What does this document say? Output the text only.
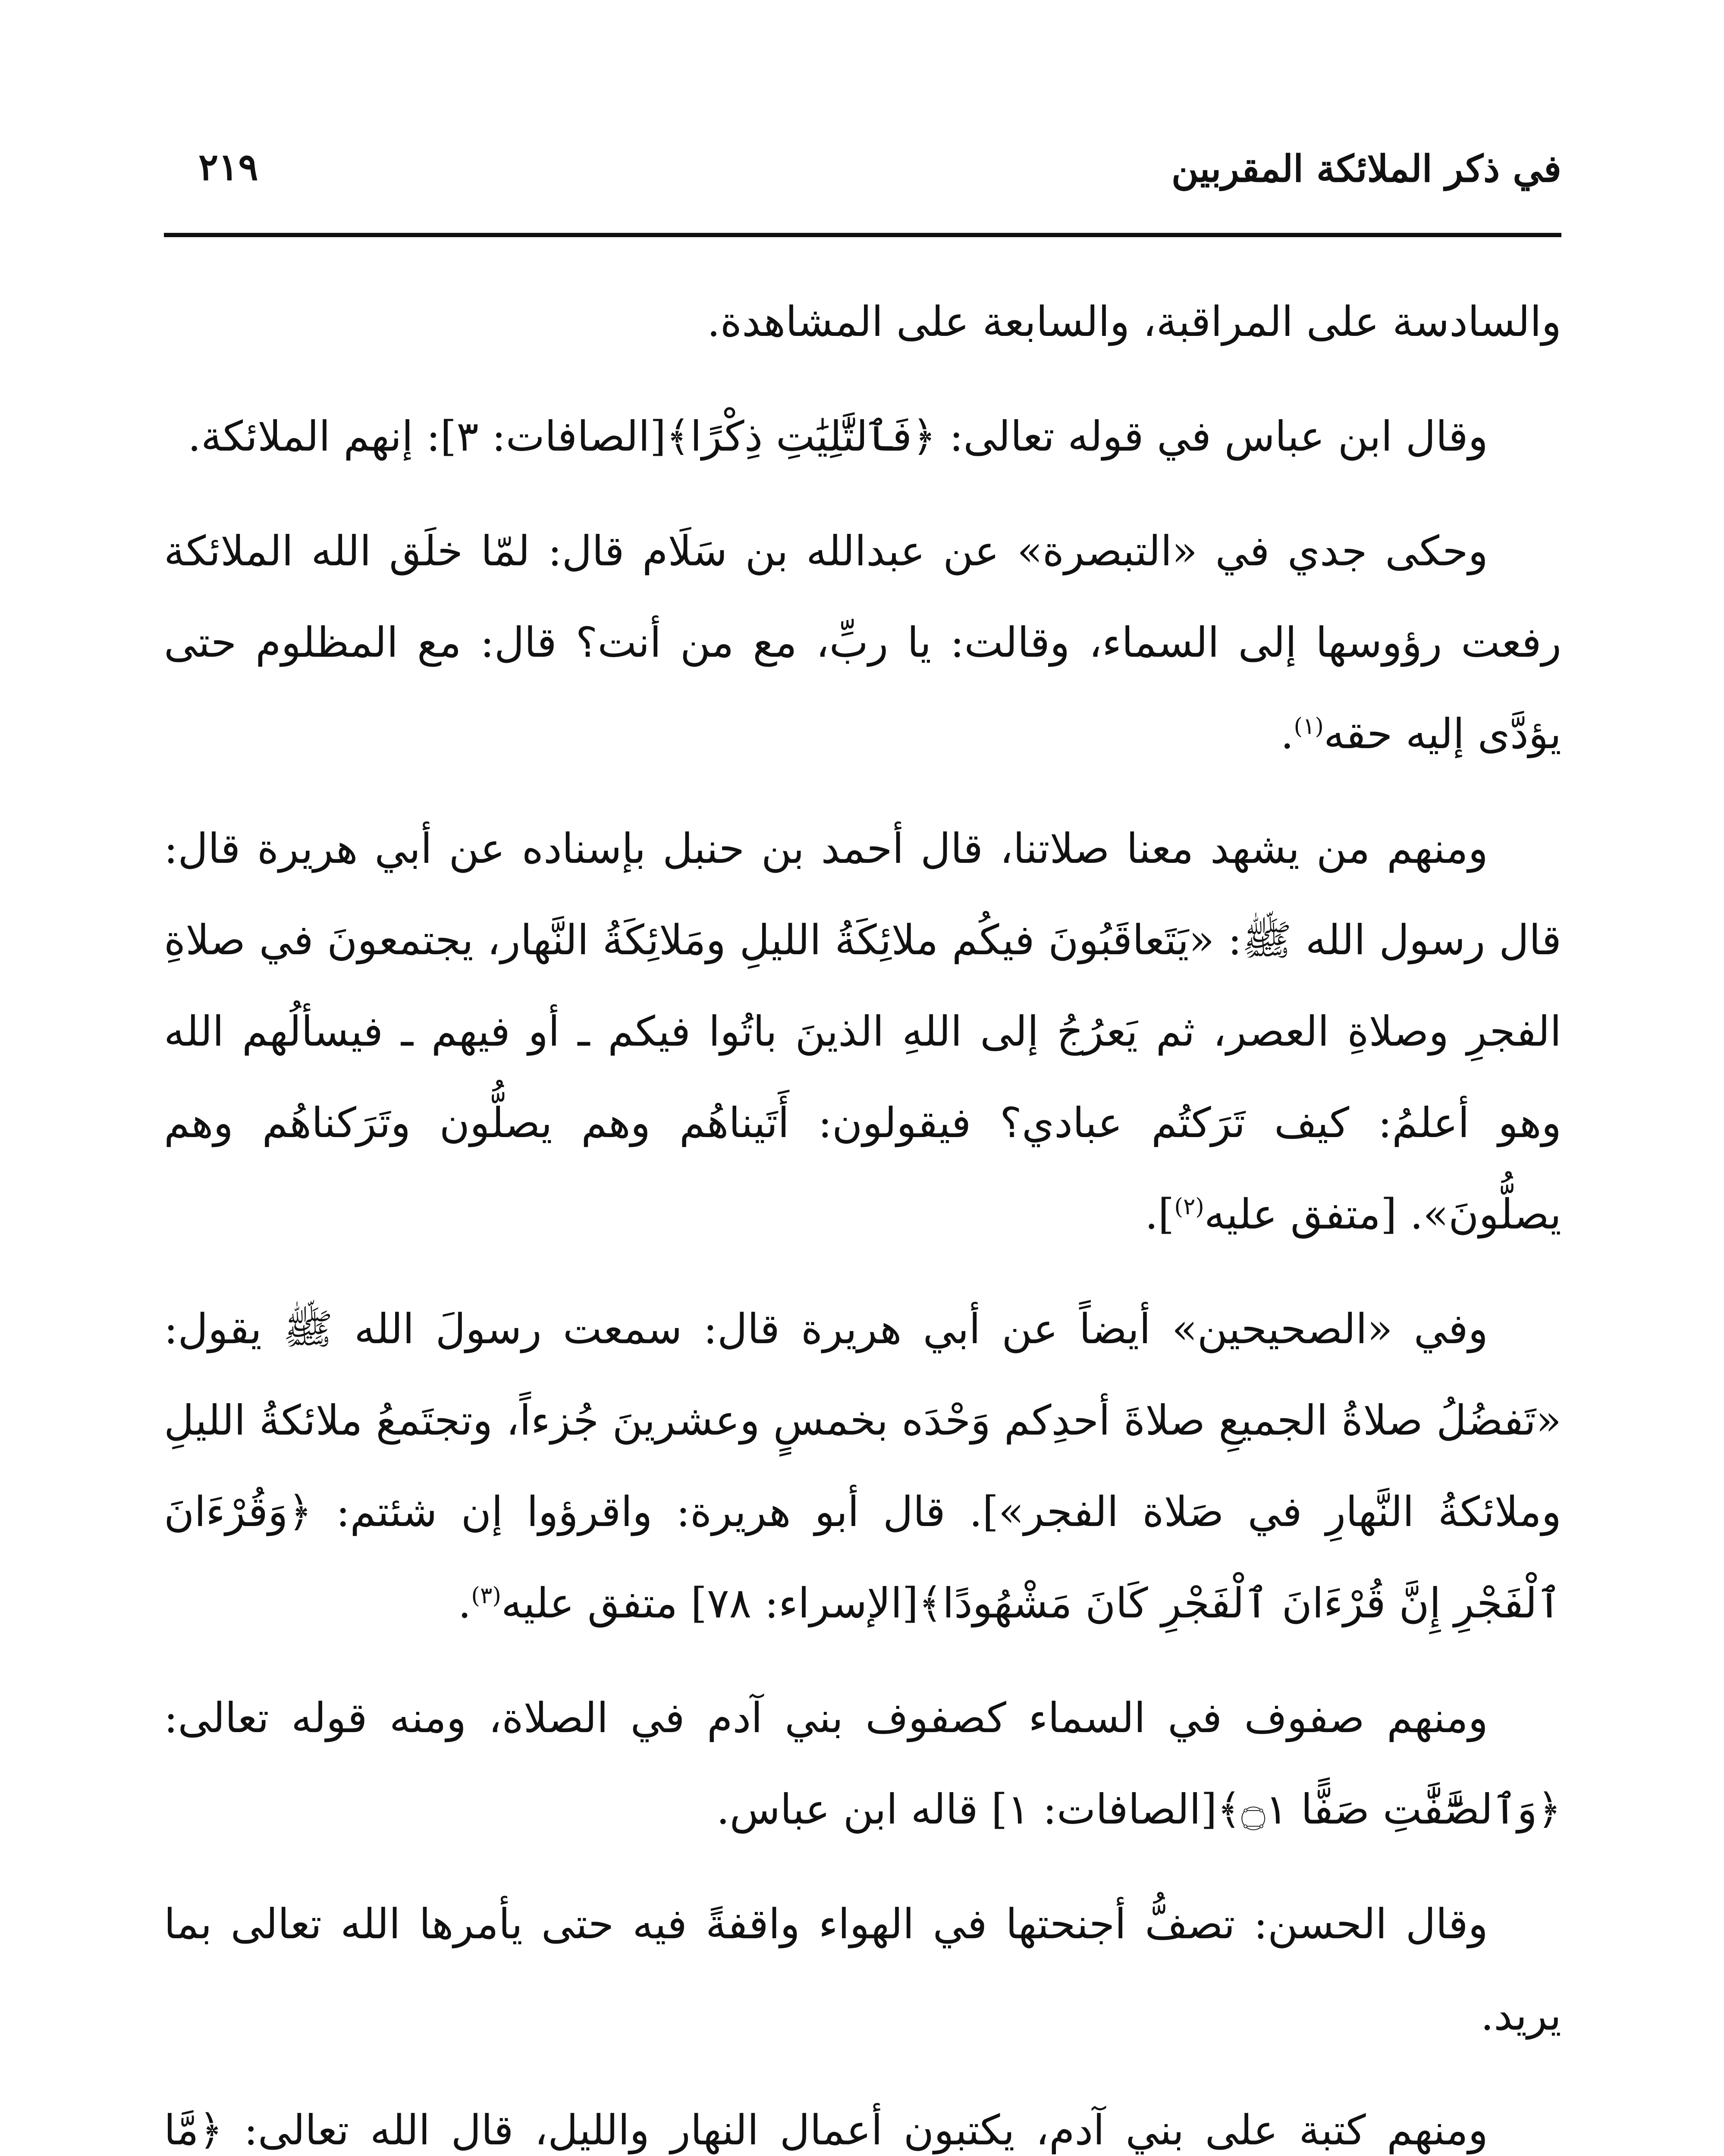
في ذكر الملائكة المقربين
٢١٩

والسادسة على المراقبة، والسابعة على المشاهدة.

وقال ابن عباس في قوله تعالى: ﴿فَٱلتَّٰلِيَٰتِ ذِكْرًا﴾[الصافات: ٣]: إنهم الملائكة.

وحكى جدي في «التبصرة» عن عبدالله بن سَلَام قال: لمّا خلَق الله الملائكة رفعت رؤوسها إلى السماء، وقالت: يا ربِّ، مع من أنت؟ قال: مع المظلوم حتى يؤدَّى إليه حقه$^{(١)}$.

ومنهم من يشهد معنا صلاتنا، قال أحمد بن حنبل بإسناده عن أبي هريرة قال: قال رسول الله ﷺ: «يَتَعاقَبُونَ فيكُم ملائِكَةُ الليلِ ومَلائِكَةُ النَّهار، يجتمعونَ في صلاةِ الفجرِ وصلاةِ العصر، ثم يَعرُجُ إلى اللهِ الذينَ باتُوا فيكم ـ أو فيهم ـ فيسألُهم الله وهو أعلمُ: كيف تَرَكتُم عبادي؟ فيقولون: أَتَيناهُم وهم يصلُّون وتَرَكناهُم وهم يصلُّونَ». [متفق عليه$^{(٢)}$].

وفي «الصحيحين» أيضاً عن أبي هريرة قال: سمعت رسولَ الله ﷺ يقول: «تَفضُلُ صلاةُ الجميعِ صلاةَ أحدِكم وَحْدَه بخمسٍ وعشرينَ جُزءاً، وتجتَمعُ ملائكةُ الليلِ وملائكةُ النَّهارِ في صَلاة الفجر»]. قال أبو هريرة: واقرؤوا إن شئتم: ﴿وَقُرْءَانَ ٱلْفَجْرِ إِنَّ قُرْءَانَ ٱلْفَجْرِ كَانَ مَشْهُودًا﴾[الإسراء: ٧٨] متفق عليه$^{(٣)}$.

ومنهم صفوف في السماء كصفوف بني آدم في الصلاة، ومنه قوله تعالى: ﴿وَٱلصَّٰٓفَّٰتِ صَفًّا ۝١﴾[الصافات: ١] قاله ابن عباس.

وقال الحسن: تصفُّ أجنحتها في الهواء واقفةً فيه حتى يأمرها الله تعالى بما يريد.

ومنهم كتبة على بني آدم، يكتبون أعمال النهار والليل، قال الله تعالى: ﴿مَّا
